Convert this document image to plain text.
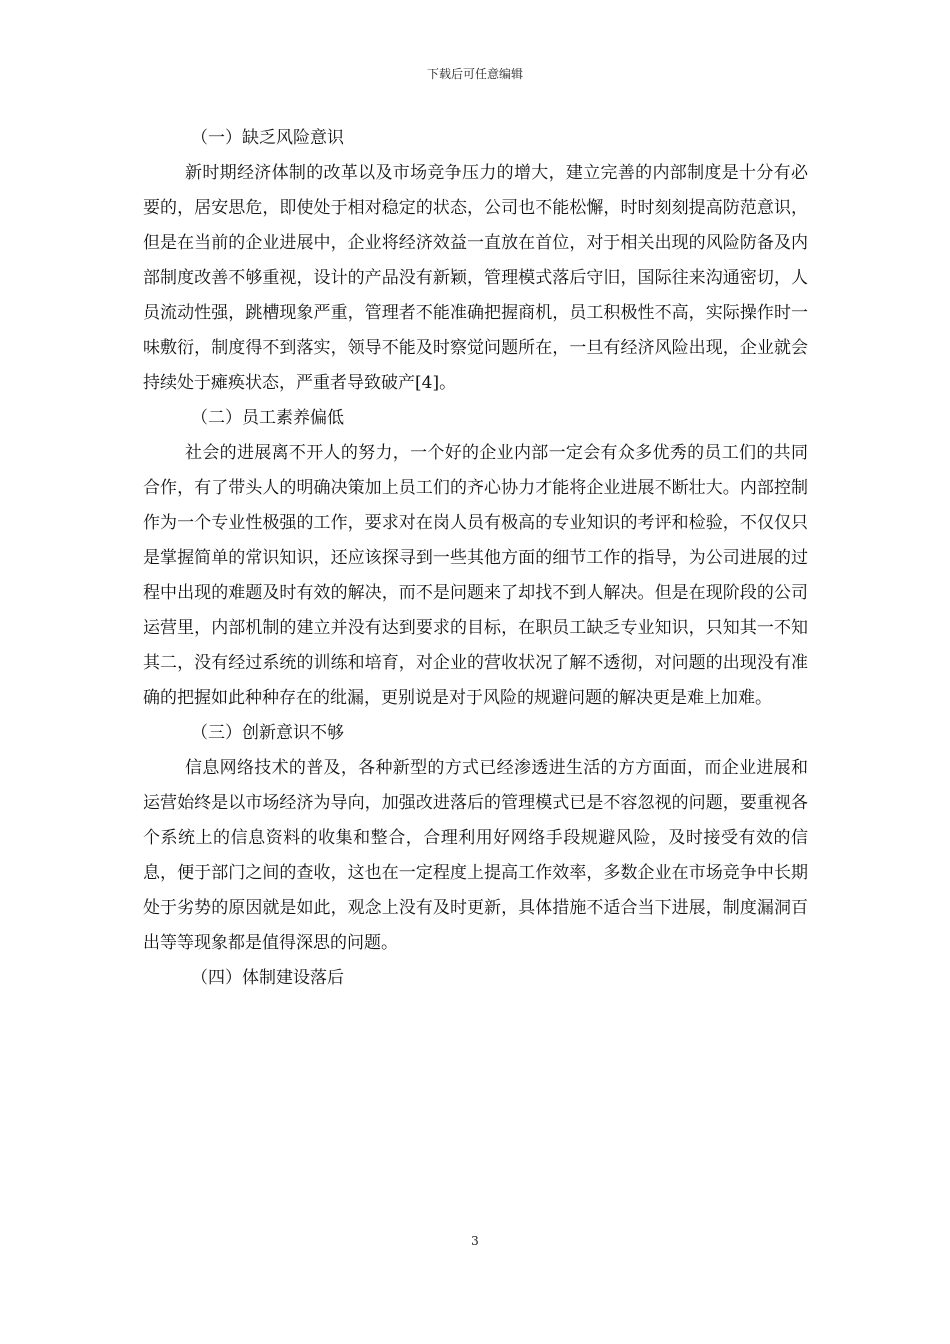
下载后可任意编辑
（一）缺乏风险意识

新时期经济体制的改革以及市场竞争压力的增大，建立完善的内部制度是十分有必要的，居安思危，即使处于相对稳定的状态，公司也不能松懈，时时刻刻提高防范意识，但是在当前的企业进展中，企业将经济效益一直放在首位，对于相关出现的风险防备及内部制度改善不够重视，设计的产品没有新颖，管理模式落后守旧，国际往来沟通密切，人员流动性强，跳槽现象严重，管理者不能准确把握商机，员工积极性不高，实际操作时一味敷衍，制度得不到落实，领导不能及时察觉问题所在，一旦有经济风险出现，企业就会持续处于瘫痪状态，严重者导致破产[4]。

（二）员工素养偏低

社会的进展离不开人的努力，一个好的企业内部一定会有众多优秀的员工们的共同合作，有了带头人的明确决策加上员工们的齐心协力才能将企业进展不断壮大。内部控制作为一个专业性极强的工作，要求对在岗人员有极高的专业知识的考评和检验，不仅仅只是掌握简单的常识知识，还应该探寻到一些其他方面的细节工作的指导，为公司进展的过程中出现的难题及时有效的解决，而不是问题来了却找不到人解决。但是在现阶段的公司运营里，内部机制的建立并没有达到要求的目标，在职员工缺乏专业知识，只知其一不知其二，没有经过系统的训练和培育，对企业的营收状况了解不透彻，对问题的出现没有准确的把握如此种种存在的纰漏，更别说是对于风险的规避问题的解决更是难上加难。

（三）创新意识不够

信息网络技术的普及，各种新型的方式已经渗透进生活的方方面面，而企业进展和运营始终是以市场经济为导向，加强改进落后的管理模式已是不容忽视的问题，要重视各个系统上的信息资料的收集和整合，合理利用好网络手段规避风险，及时接受有效的信息，便于部门之间的查收，这也在一定程度上提高工作效率，多数企业在市场竞争中长期处于劣势的原因就是如此，观念上没有及时更新，具体措施不适合当下进展，制度漏洞百出等等现象都是值得深思的问题。

（四）体制建设落后
3
